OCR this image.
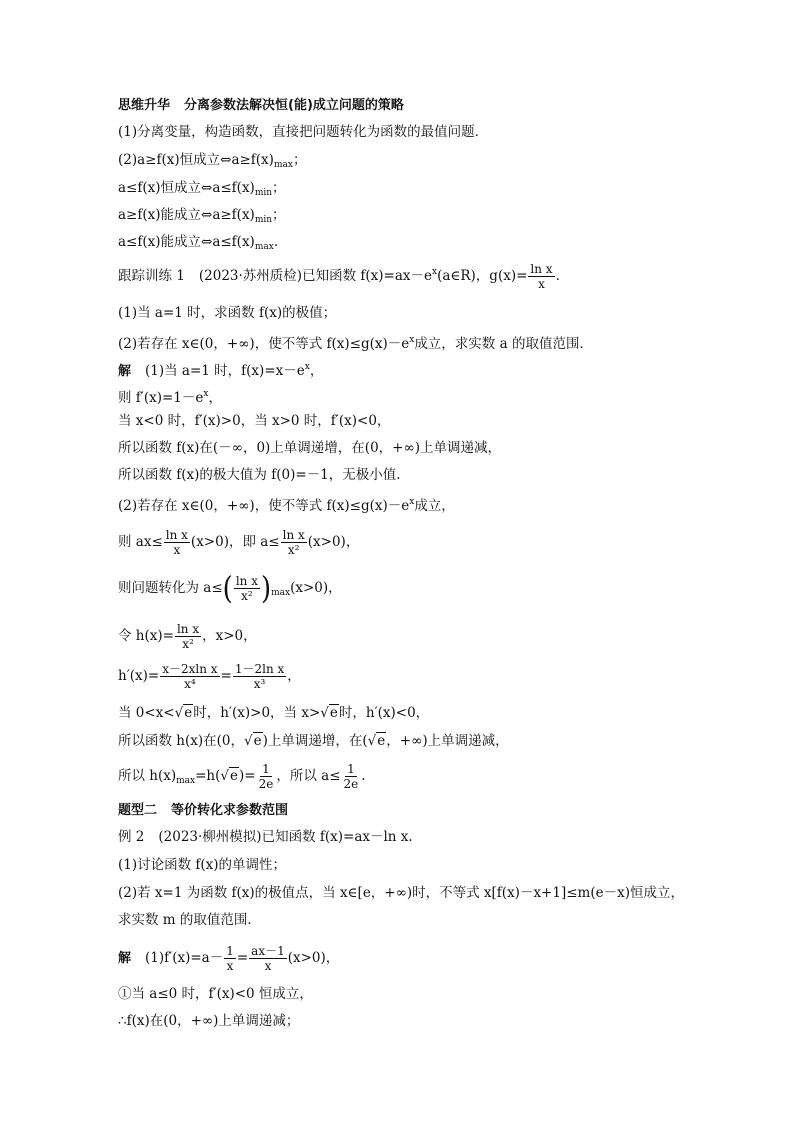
思维升华 分离参数法解决恒(能)成立问题的策略
(1)分离变量，构造函数，直接把问题转化为函数的最值问题．
(2)a≥f(x)恒成立$\Leftrightarrow a\ge f(x)_{max}$；
a≤f(x)恒成立$\Leftrightarrow a\le f(x)_{min}$；
a≥f(x)能成立$\Leftrightarrow a\ge f(x)_{min}$；
a≤f(x)能成立$\Leftrightarrow a\le f(x)_{max}$.
跟踪训练 1 (2023·苏州质检)已知函数 $f(x)=ax-e^x(a\in R)$，$g(x)= \frac{\text{ln x}}{x}$ .
(1)当 a=1 时，求函数 f(x)的极值；
(2)若存在 x∈(0，+∞)，使不等式 $f(x)\le g(x)-e^x$成立，求实数 a 的取值范围．
解 (1)当 a=1 时，$f(x)=x-e^x$，
则 $f'(x)=1-e^x$，
当 x<0 时，f′(x)>0，当 x>0 时，f′(x)<0，
所以函数 f(x)在(－∞，0)上单调递增，在(0，+∞)上单调递减，
所以函数 f(x)的极大值为 f(0)=－1，无极小值.
(2)若存在 x∈(0，+∞)，使不等式 $f(x)\le g(x)-e^x$成立，
则 $ax\le \frac{\text{ln x}}{x} (x>0)$，即 $a\le \frac{\text{ln x}}{\text{x²}} (x>0)$，
则问题转化为 $a\le( \frac{\text{ln x}}{\text{x²}} )_{max}(x>0)$，
令 $h(x)= \frac{\text{ln x}}{\text{x²}}$ ，x>0，
$h'(x)= \frac{\text{x－2xln x}}{\text{x⁴}} = \frac{\text{1－2ln x}}{\text{x³}}$ ，
当 0<x<√e时，h′(x)>0，当 x>√e时，h′(x)<0，
所以函数 h(x)在(0，√e)上单调递增，在(√e，+∞)上单调递减，
所以 $h(x)_{max}=h(√e)= \frac{1}{2e}$ ，所以 $a\le \frac{1}{2e}$ .
题型二 等价转化求参数范围
例 2 (2023·柳州模拟)已知函数 f(x)=ax－ln x.
(1)讨论函数 f(x)的单调性；
(2)若 x=1 为函数 f(x)的极值点，当 x∈[e，+∞)时，不等式 x[f(x)－x+1]≤m(e－x)恒成立，
求实数 m 的取值范围．
解 $(1)f'(x)=a- \frac{1}{x} = \frac{ax-1}{x} (x>0)$，
①当 a≤0 时，f′(x)<0 恒成立，
∴f(x)在(0，+∞)上单调递减；
